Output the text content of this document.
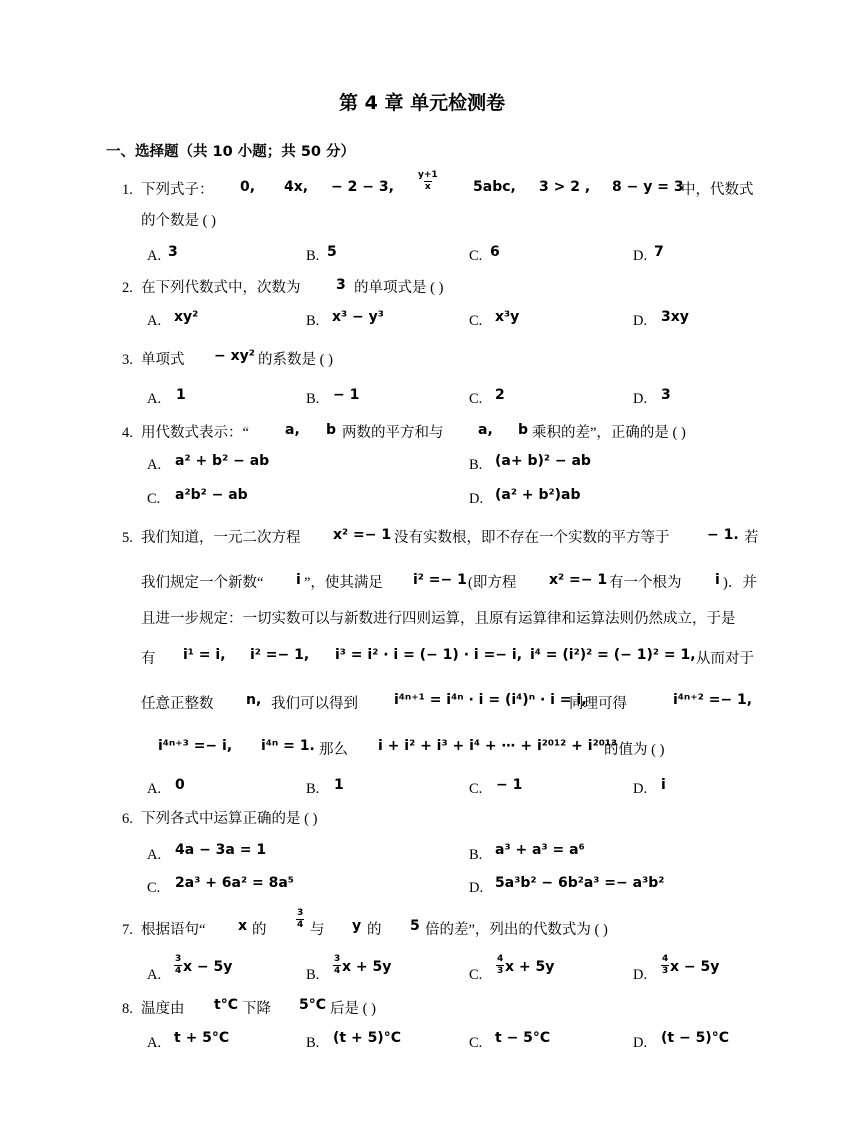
第 4 章 单元检测卷
一、选择题（共 10 小题；共 50 分）
1. 下列式子： 0, 4x, − 2 − 3,	$\frac{y+1}{x} 5abc$, 3 > 2 , 8 − y = 3
中，代数式
的个数是 ( )
A. 3	B. 5	C. 6	D. 7
2. 在下列代数式中，次数为	3 的单项式是 ( )
A. xy²	B. x³ − y³	C. x³y	D. 3xy
3. 单项式 − xy² 的系数是 ( )
A. 1	B. − 1	C. 2	D. 3
4. 用代数式表示：“	a, b 两数的平方和与 a, b 乘积的差”，正确的是 ( )
A. a² + b² − ab	B. (a+ b)² − ab
C. a²b² − ab	D. (a² + b²)ab
5. 我们知道，一元二次方程 x² =− 1 没有实数根，即不存在一个实数的平方等于	− 1. 若
我们规定一个新数“ i ”，使其满足 i² =− 1 (即方程 x² =− 1 有一个根为 i )．并
且进一步规定：一切实数可以与新数进行四则运算，且原有运算律和运算法则仍然成立，于是
有 i¹ = i, i² =− 1, i³ = i² · i = (− 1) · i =− i, i⁴ = (i²)² = (− 1)² = 1, 从而对于
任意正整数 n, 我们可以得到	i⁴ⁿ⁺¹ = i⁴ⁿ · i = (i⁴)ⁿ · i = i,
同理可得	i⁴ⁿ⁺² =− 1,
i⁴ⁿ⁺³ =− i, i⁴ⁿ = 1. 那么 i + i² + i³ + i⁴ + ⋯ + i²⁰¹² + i²⁰¹³
的值为 ( )
A. 0	B. 1	C. − 1	D. i
6. 下列各式中运算正确的是 ( )
A. 4a − 3a = 1	B. a³ + a³ = a⁶
C. 2a³ + 6a² = 8a⁵	D. 5a³b² − 6b²a³ =− a³b²
7. 根据语句“ x 的	$\frac{3}{4}$ 与 y 的 5 倍的差”，列出的代数式为 ( )
A. $\frac{3}{4}$ x − 5y	B. $\frac{3}{4}$ x + 5y	C. $\frac{4}{3}$ x + 5y	D. $\frac{4}{3}$ x − 5y
8. 温度由 t°C 下降 5°C 后是 ( )
A. t + 5°C	B. (t + 5)°C	C. t − 5°C	D. (t − 5)°C
